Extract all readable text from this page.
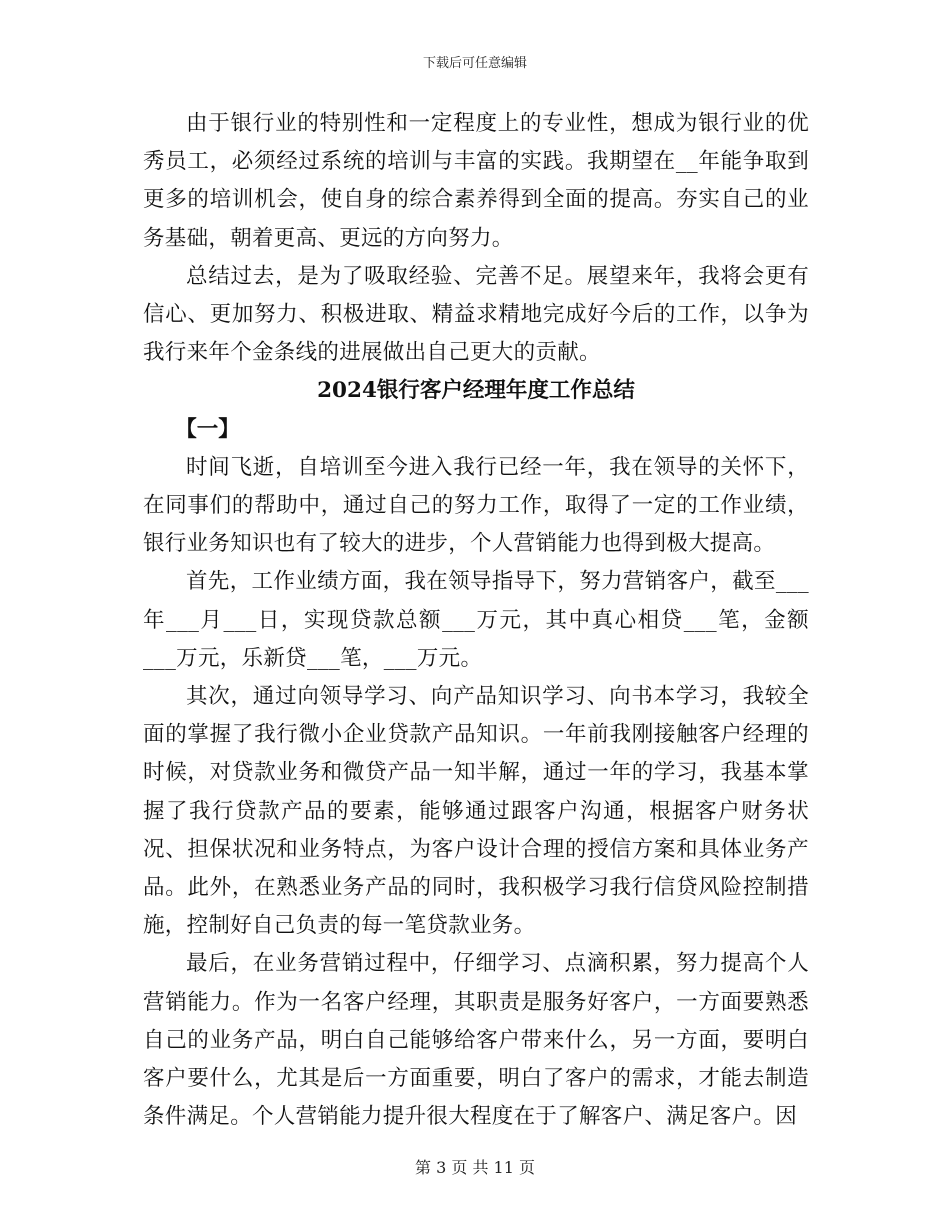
下载后可任意编辑

由于银行业的特别性和一定程度上的专业性，想成为银行业的优秀员工，必须经过系统的培训与丰富的实践。我期望在__年能争取到更多的培训机会，使自身的综合素养得到全面的提高。夯实自己的业务基础，朝着更高、更远的方向努力。

总结过去，是为了吸取经验、完善不足。展望来年，我将会更有信心、更加努力、积极进取、精益求精地完成好今后的工作，以争为我行来年个金条线的进展做出自己更大的贡献。

2024银行客户经理年度工作总结

【一】

时间飞逝，自培训至今进入我行已经一年，我在领导的关怀下，在同事们的帮助中，通过自己的努力工作，取得了一定的工作业绩，银行业务知识也有了较大的进步，个人营销能力也得到极大提高。

首先，工作业绩方面，我在领导指导下，努力营销客户，截至___年___月___日，实现贷款总额___万元，其中真心相贷___笔，金额___万元，乐新贷___笔，___万元。

其次，通过向领导学习、向产品知识学习、向书本学习，我较全面的掌握了我行微小企业贷款产品知识。一年前我刚接触客户经理的时候，对贷款业务和微贷产品一知半解，通过一年的学习，我基本掌握了我行贷款产品的要素，能够通过跟客户沟通，根据客户财务状况、担保状况和业务特点，为客户设计合理的授信方案和具体业务产品。此外，在熟悉业务产品的同时，我积极学习我行信贷风险控制措施，控制好自己负责的每一笔贷款业务。

最后，在业务营销过程中，仔细学习、点滴积累，努力提高个人营销能力。作为一名客户经理，其职责是服务好客户，一方面要熟悉自己的业务产品，明白自己能够给客户带来什么，另一方面，要明白客户要什么，尤其是后一方面重要，明白了客户的需求，才能去制造条件满足。个人营销能力提升很大程度在于了解客户、满足客户。因

第 3 页 共 11 页
